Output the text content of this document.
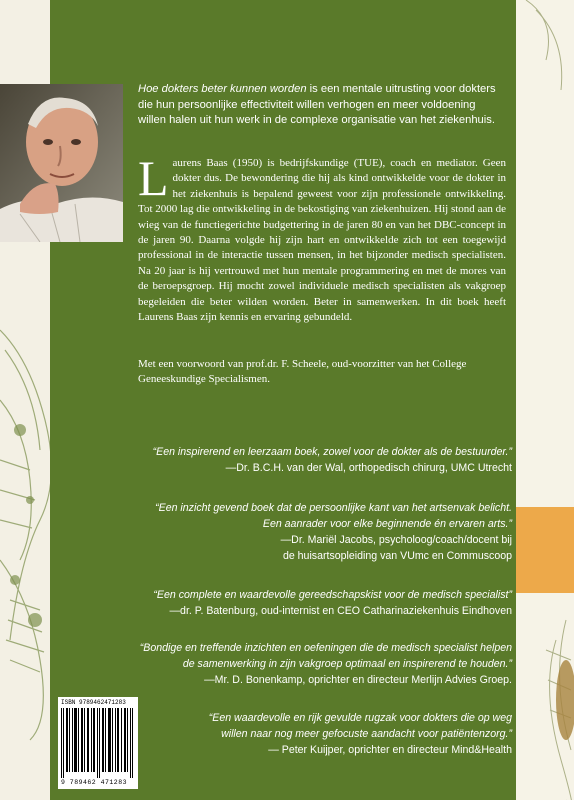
Hoe dokters beter kunnen worden is een mentale uitrusting voor dokters die hun persoonlijke effectiviteit willen verhogen en meer voldoening willen halen uit hun werk in de complexe organisatie van het ziekenhuis.
Laurens Baas (1950) is bedrijfskundige (TUE), coach en mediator. Geen dokter dus. De bewondering die hij als kind ontwikkelde voor de dokter in het ziekenhuis is bepalend geweest voor zijn professionele ontwikkeling. Tot 2000 lag die ontwikkeling in de bekostiging van ziekenhuizen. Hij stond aan de wieg van de functiegerichte budgettering in de jaren 80 en van het DBC-concept in de jaren 90. Daarna volgde hij zijn hart en ontwikkelde zich tot een toegewijd professional in de interactie tussen mensen, in het bijzonder medisch specialisten. Na 20 jaar is hij vertrouwd met hun mentale programmering en met de mores van de beroepsgroep. Hij mocht zowel individuele medisch specialisten als vakgroep begeleiden die beter wilden worden. Beter in samenwerken. In dit boek heeft Laurens Baas zijn kennis en ervaring gebundeld.
Met een voorwoord van prof.dr. F. Scheele, oud-voorzitter van het College Geneeskundige Specialismen.
“Een inspirerend en leerzaam boek, zowel voor de dokter als de bestuurder.”
—Dr. B.C.H. van der Wal, orthopedisch chirurg, UMC Utrecht
“Een inzicht gevend boek dat de persoonlijke kant van het artsenvak belicht.
Een aanrader voor elke beginnende én ervaren arts.”
—Dr. Mariël Jacobs, psycholoog/coach/docent bij
de huisartsopleiding van VUmc en Commuscoop
“Een complete en waardevolle gereedschapskist voor de medisch specialist”
—dr. P. Batenburg, oud-internist en CEO Catharinaziekenhuis Eindhoven
“Bondige en treffende inzichten en oefeningen die de medisch specialist helpen
de samenwerking in zijn vakgroep optimaal en inspirerend te houden.”
—Mr. D. Bonenkamp, oprichter en directeur Merlijn Advies Groep.
“Een waardevolle en rijk gevulde rugzak voor dokters die op weg
willen naar nog meer gefocuste aandacht voor patiëntenzorg.”
— Peter Kuijper, oprichter en directeur Mind&Health
ISBN 9789462471283
9 789462 471283
